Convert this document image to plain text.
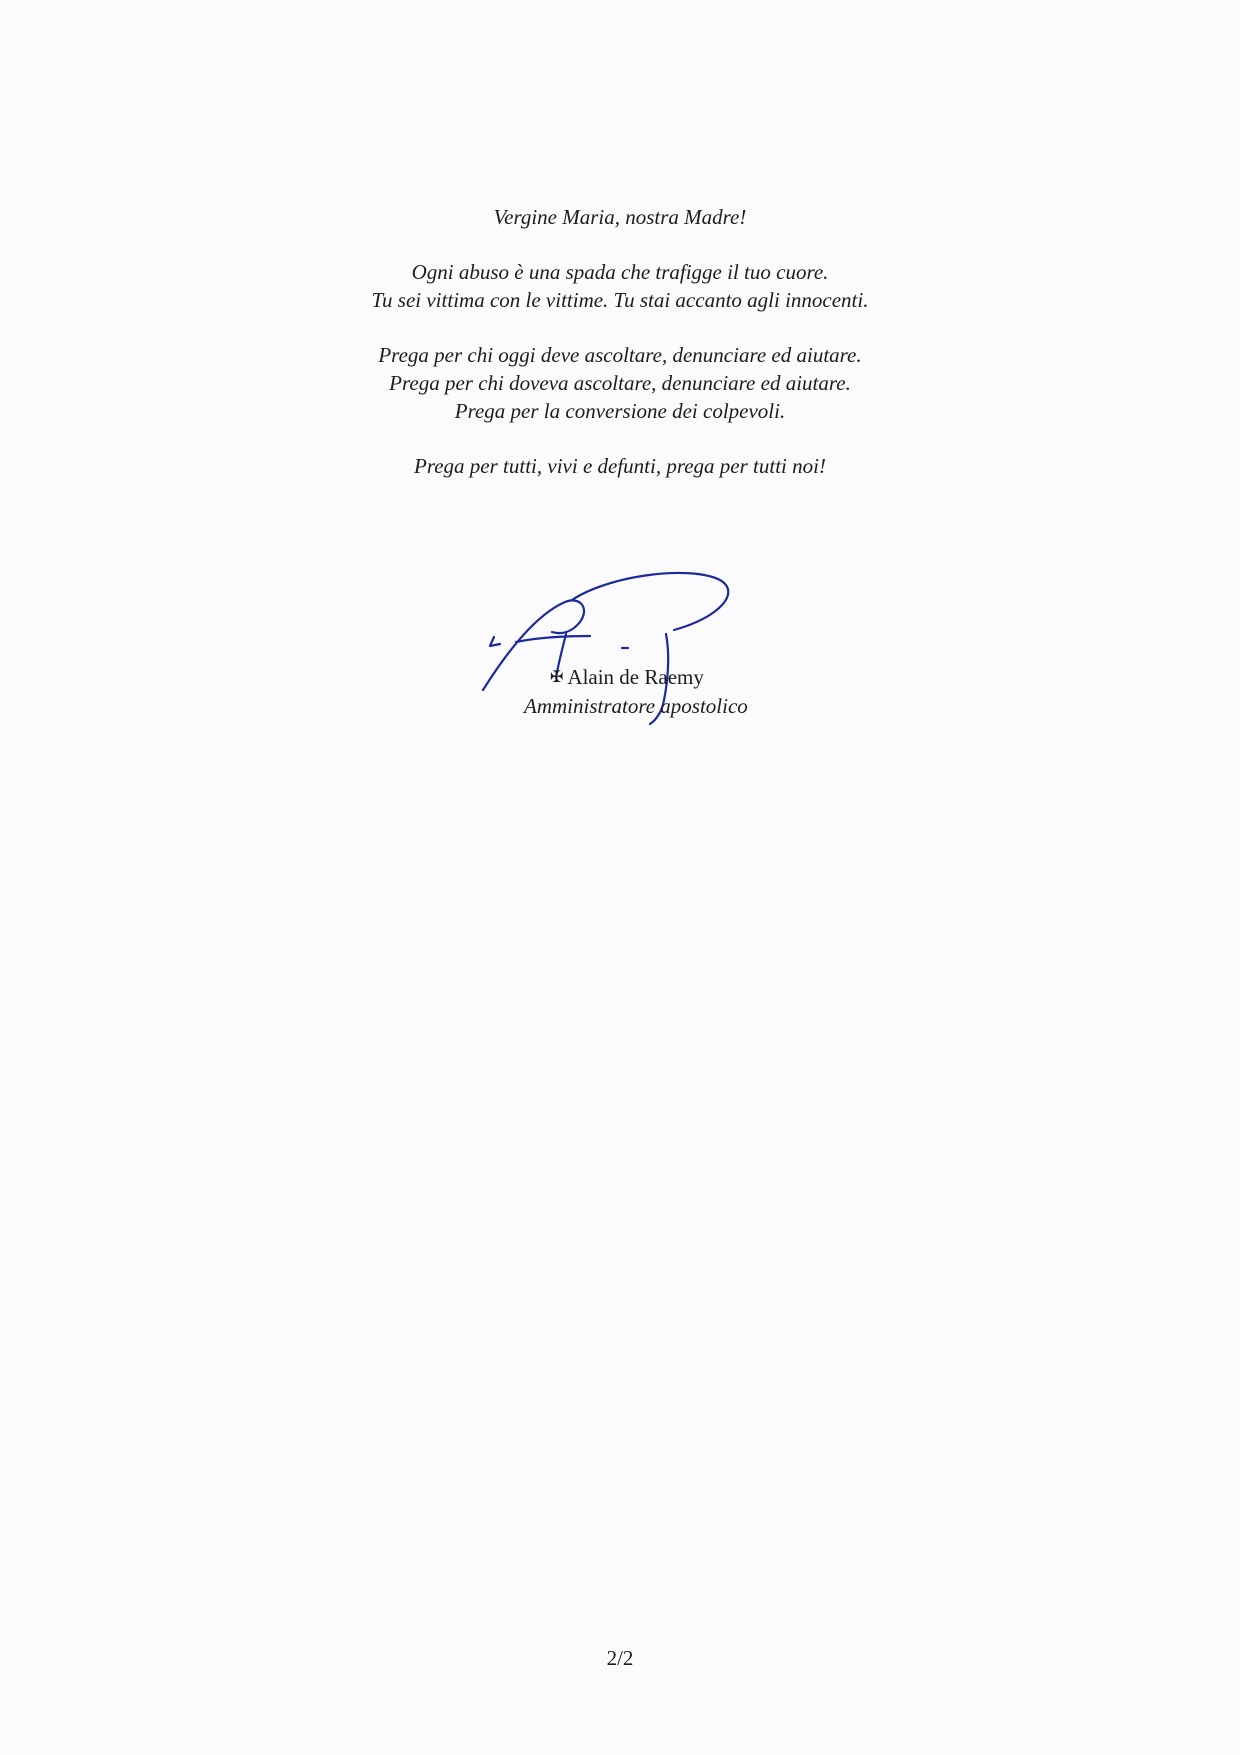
Vergine Maria, nostra Madre!
Ogni abuso è una spada che trafigge il tuo cuore.
Tu sei vittima con le vittime. Tu stai accanto agli innocenti.
Prega per chi oggi deve ascoltare, denunciare ed aiutare.
Prega per chi doveva ascoltare, denunciare ed aiutare.
Prega per la conversione dei colpevoli.
Prega per tutti, vivi e defunti, prega per tutti noi!
✠ Alain de Raemy
Amministratore apostolico
2/2
